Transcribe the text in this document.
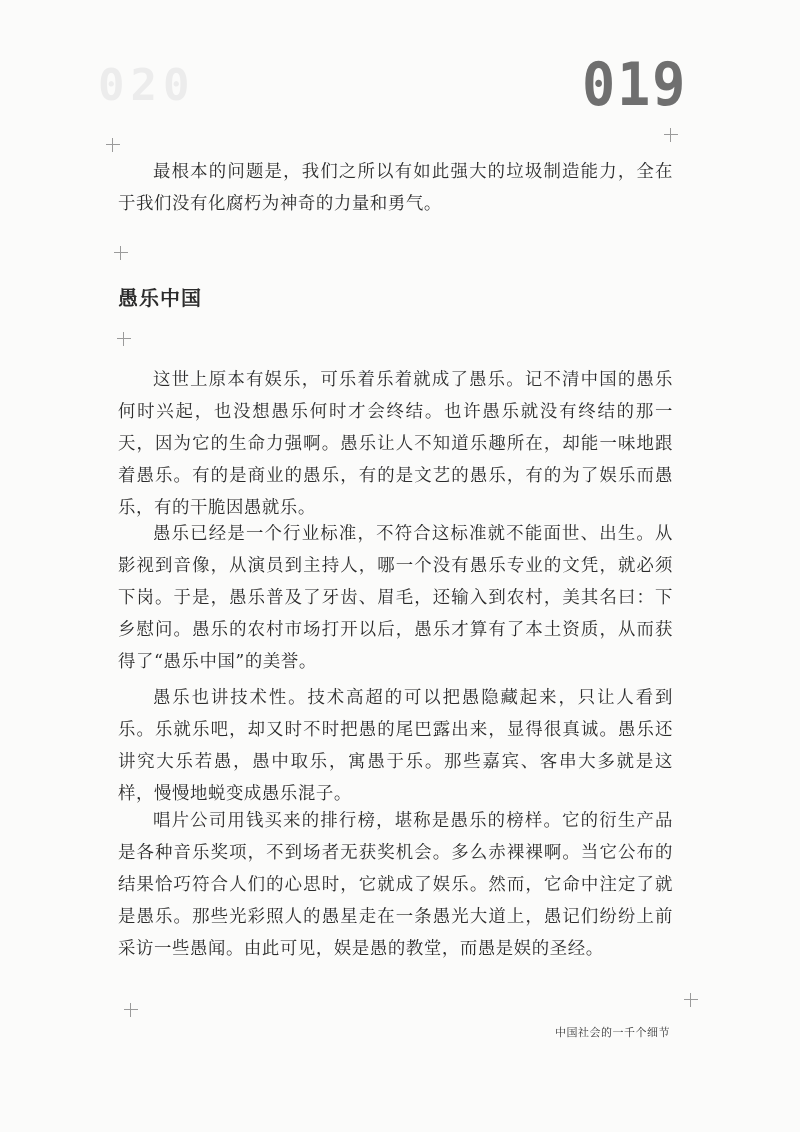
020	019

最根本的问题是，我们之所以有如此强大的垃圾制造能力，全在于我们没有化腐朽为神奇的力量和勇气。

愚乐中国

这世上原本有娱乐，可乐着乐着就成了愚乐。记不清中国的愚乐何时兴起，也没想愚乐何时才会终结。也许愚乐就没有终结的那一天，因为它的生命力强啊。愚乐让人不知道乐趣所在，却能一味地跟着愚乐。有的是商业的愚乐，有的是文艺的愚乐，有的为了娱乐而愚乐，有的干脆因愚就乐。

愚乐已经是一个行业标准，不符合这标准就不能面世、出生。从影视到音像，从演员到主持人，哪一个没有愚乐专业的文凭，就必须下岗。于是，愚乐普及了牙齿、眉毛，还输入到农村，美其名曰：下乡慰问。愚乐的农村市场打开以后，愚乐才算有了本土资质，从而获得了“愚乐中国”的美誉。

愚乐也讲技术性。技术高超的可以把愚隐藏起来，只让人看到乐。乐就乐吧，却又时不时把愚的尾巴露出来，显得很真诚。愚乐还讲究大乐若愚，愚中取乐，寓愚于乐。那些嘉宾、客串大多就是这样，慢慢地蜕变成愚乐混子。

唱片公司用钱买来的排行榜，堪称是愚乐的榜样。它的衍生产品是各种音乐奖项，不到场者无获奖机会。多么赤裸裸啊。当它公布的结果恰巧符合人们的心思时，它就成了娱乐。然而，它命中注定了就是愚乐。那些光彩照人的愚星走在一条愚光大道上，愚记们纷纷上前采访一些愚闻。由此可见，娱是愚的教堂，而愚是娱的圣经。

中国社会的一千个细节
